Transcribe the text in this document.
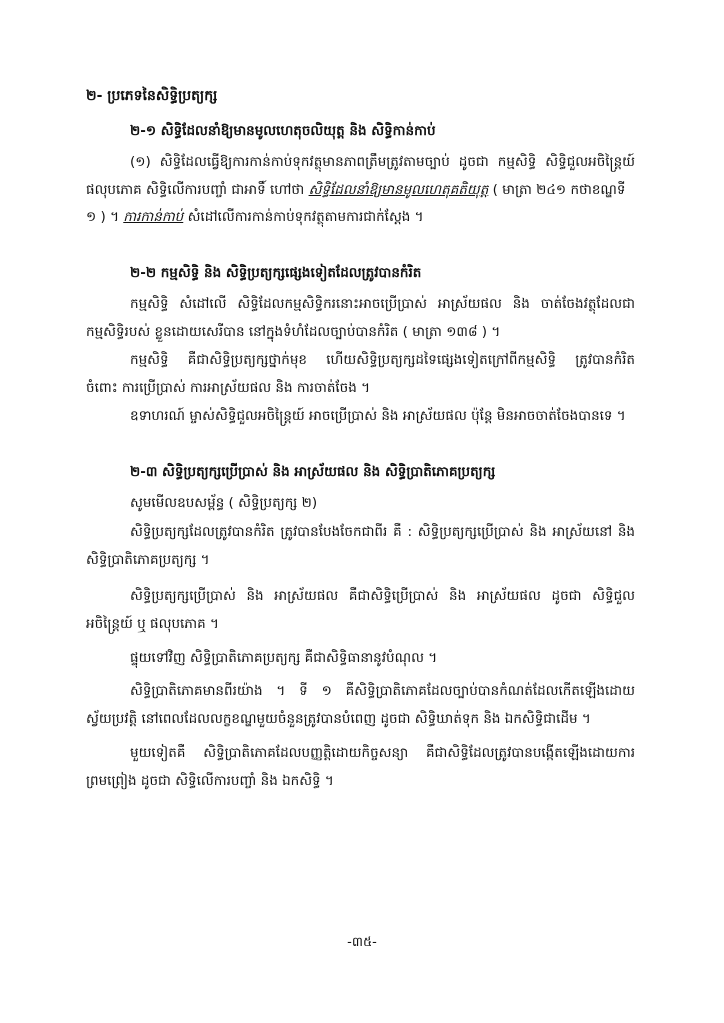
២- ប្រភេទនៃសិទ្ធិប្រត្យក្ស
២-១ សិទ្ធិដែលនាំឱ្យមានមូលហេតុចលិយុត្ត និង សិទ្ធិកាន់កាប់
(១) សិទ្ធិដែលធ្វើឱ្យការកាន់កាប់ទុកវត្ថុមានភាពត្រឹមត្រូវតាមច្បាប់ ដូចជា កម្មសិទ្ធិ សិទ្ធិជួលអចិន្ត្រៃយ៍
ផលុបភោគ សិទ្ធិលើការបញ្ចាំ ជាអាទិ៍ ហៅថា សិទ្ធិដែលនាំឱ្យមានមូលហេតុគតិយុត្ត ( មាត្រា ២៤១ កថាខណ្ឌទី
១ ) ។ ការកាន់កាប់ សំដៅលើការកាន់កាប់ទុកវត្ថុតាមការជាក់ស្តែង ។
២-២ កម្មសិទ្ធិ និង សិទ្ធិប្រត្យក្សផ្សេងទៀតដែលត្រូវបានកំរិត
កម្មសិទ្ធិ សំដៅលើ សិទ្ធិដែលកម្មសិទ្ធិករនោះអាចប្រើប្រាស់ អាស្រ័យផល និង ចាត់ចែងវត្ថុដែលជា
កម្មសិទ្ធិរបស់ ខ្លួនដោយសេរីបាន នៅក្នុងទំហំដែលច្បាប់បានកំរិត ( មាត្រា ១៣៨ ) ។
កម្មសិទ្ធិ គឺជាសិទ្ធិប្រត្យក្សថ្នាក់មុខ ហើយសិទ្ធិប្រត្យក្សដទៃផ្សេងទៀតក្រៅពីកម្មសិទ្ធិ ត្រូវបានកំរិត
ចំពោះ ការប្រើប្រាស់ ការអាស្រ័យផល និង ការចាត់ចែង ។
ឧទាហរណ៍ ម្ចាស់សិទ្ធិជួលអចិន្ត្រៃយ៍ អាចប្រើប្រាស់ និង អាស្រ័យផល ប៉ុន្តែ មិនអាចចាត់ចែងបានទេ ។
២-៣ សិទ្ធិប្រត្យក្សប្រើប្រាស់ និង អាស្រ័យផល និង សិទ្ធិប្រាតិភោគប្រត្យក្ស
សូមមើលឧបសម្ព័ន្ធ ( សិទ្ធិប្រត្យក្ស ២)
សិទ្ធិប្រត្យក្សដែលត្រូវបានកំរិត ត្រូវបានបែងចែកជាពីរ គឺ : សិទ្ធិប្រត្យក្សប្រើប្រាស់ និង អាស្រ័យនៅ និង
សិទ្ធិប្រាតិភោគប្រត្យក្ស ។
សិទ្ធិប្រត្យក្សប្រើប្រាស់ និង អាស្រ័យផល គឺជាសិទ្ធិប្រើប្រាស់ និង អាស្រ័យផល ដូចជា សិទ្ធិជួល
អចិន្ត្រៃយ៍ ឬ ផលុបភោគ ។
ផ្ទុយទៅវិញ សិទ្ធិប្រាតិភោគប្រត្យក្ស គឺជាសិទ្ធិធានានូវបំណុល ។
សិទ្ធិប្រាតិភោគមានពីរយ៉ាង ។ ទី ១ គឺសិទ្ធិប្រាតិភោគដែលច្បាប់បានកំណត់ដែលកើតឡើងដោយ
ស្វ័យប្រវត្តិ នៅពេលដែលលក្ខខណ្ឌមួយចំនួនត្រូវបានបំពេញ ដូចជា សិទ្ធិឃាត់ទុក និង ឯកសិទ្ធិជាដើម ។
មួយទៀតគឺ សិទ្ធិប្រាតិភោគដែលបញ្ញត្តិដោយកិច្ចសន្យា គឺជាសិទ្ធិដែលត្រូវបានបង្កើតឡើងដោយការ
ព្រមព្រៀង ដូចជា សិទ្ធិលើការបញ្ចាំ និង ឯកសិទ្ធិ ។
-៣៥-
